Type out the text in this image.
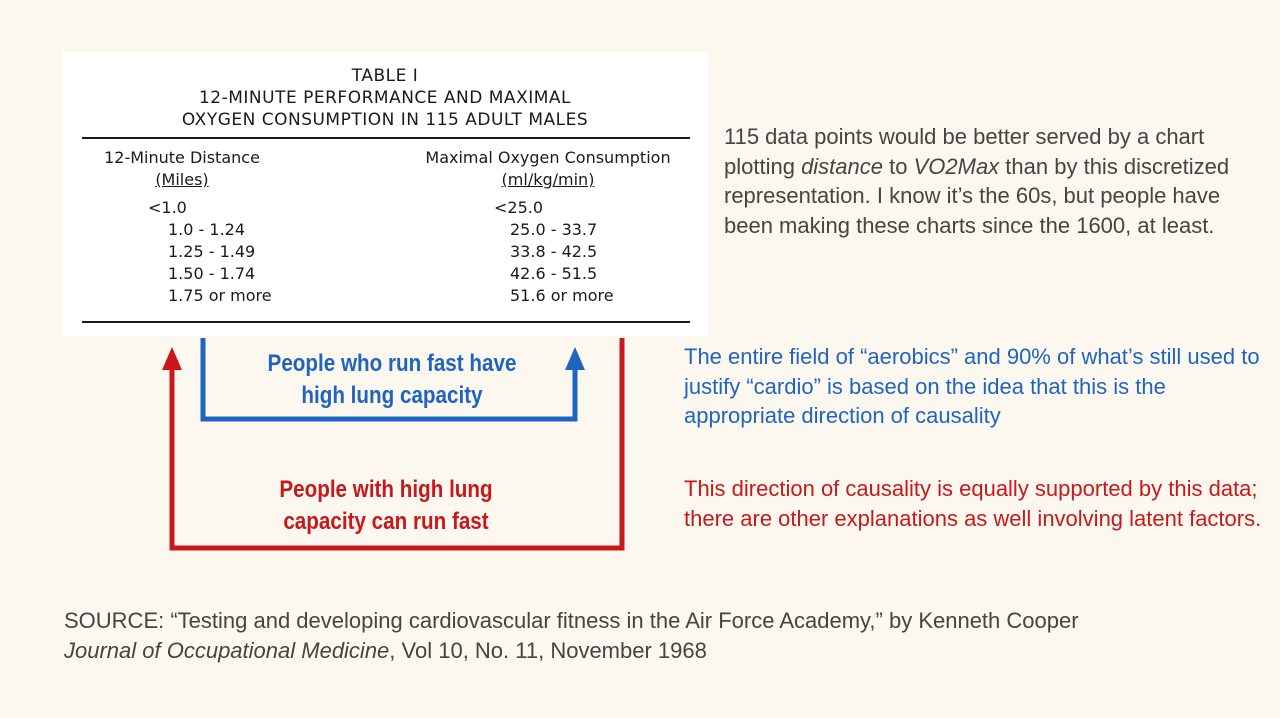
TABLE I
12-MINUTE PERFORMANCE AND MAXIMAL
OXYGEN CONSUMPTION IN 115 ADULT MALES
12-Minute Distance
(Miles)
Maximal Oxygen Consumption
(ml/kg/min)
<1.0
1.0 - 1.24
1.25 - 1.49
1.50 - 1.74
1.75 or more
<25.0
25.0 - 33.7
33.8 - 42.5
42.6 - 51.5
51.6 or more
People who run fast have
high lung capacity
People with high lung
capacity can run fast
115 data points would be better served by a chart plotting distance to VO2Max than by this discretized representation. I know it’s the 60s, but people have been making these charts since the 1600, at least.
The entire field of “aerobics” and 90% of what’s still used to justify “cardio” is based on the idea that this is the appropriate direction of causality
This direction of causality is equally supported by this data; there are other explanations as well involving latent factors.
SOURCE: “Testing and developing cardiovascular fitness in the Air Force Academy,” by Kenneth Cooper
Journal of Occupational Medicine, Vol 10, No. 11, November 1968
